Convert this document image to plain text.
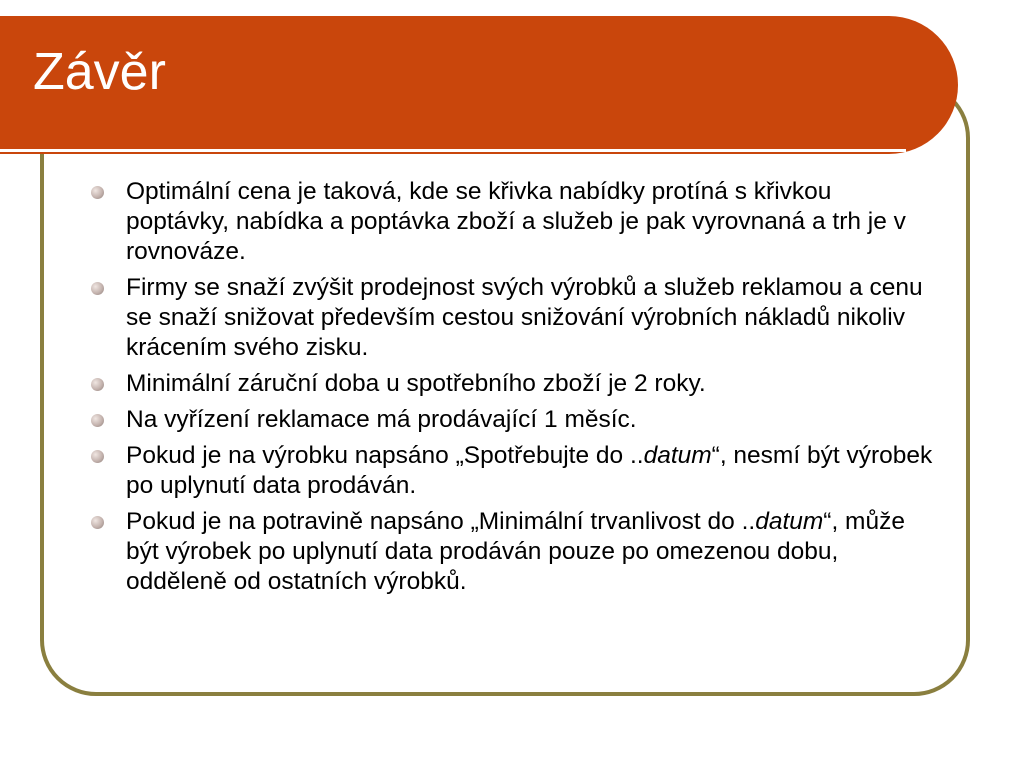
Závěr
Optimální cena je taková, kde se křivka nabídky protíná s křivkou poptávky, nabídka a poptávka zboží a služeb je pak vyrovnaná a trh je v rovnováze.
Firmy se snaží zvýšit prodejnost svých výrobků a služeb reklamou a cenu se snaží snižovat především cestou snižování výrobních nákladů nikoliv krácením svého zisku.
Minimální záruční doba u spotřebního zboží je 2 roky.
Na vyřízení reklamace má prodávající 1 měsíc.
Pokud je na výrobku napsáno „Spotřebujte do ..datum“, nesmí být výrobek po uplynutí data prodáván.
Pokud je na potravině napsáno „Minimální trvanlivost do ..datum“, může být výrobek po uplynutí data prodáván pouze po omezenou dobu, odděleně od ostatních výrobků.
